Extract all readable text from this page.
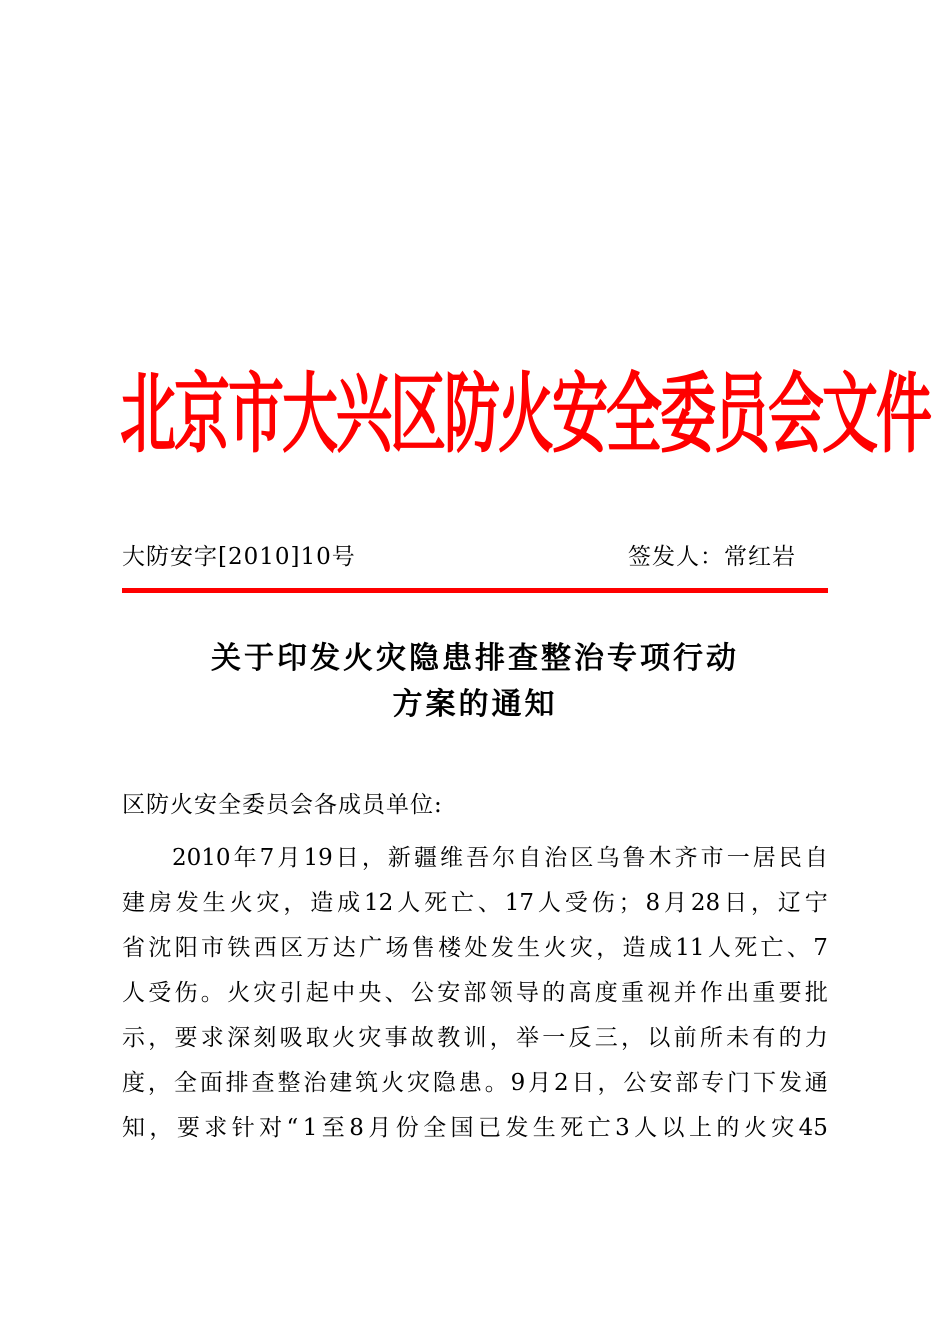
北京市大兴区防火安全委员会文件
大防安字[2010]10号	签发人：常红岩
关于印发火灾隐患排查整治专项行动
方案的通知
区防火安全委员会各成员单位:
2010 年 7 月 19 日 ， 新 疆 维 吾 尔 自 治 区 乌 鲁 木 齐 市 一 居 民 自
建 房 发 生 火 灾 ， 造 成 12 人 死 亡 、 17 人 受 伤 ； 8 月 28 日 ， 辽 宁
省 沈 阳 市 铁 西 区 万 达 广 场 售 楼 处 发 生 火 灾 ， 造 成 11 人 死 亡 、 7
人 受 伤 。 火 灾 引 起 中 央 、 公 安 部 领 导 的 高 度 重 视 并 作 出 重 要 批
示 ， 要 求 深 刻 吸 取 火 灾 事 故 教 训 ， 举 一 反 三 ， 以 前 所 未 有 的 力
度 ， 全 面 排 查 整 治 建 筑 火 灾 隐 患 。 9 月 2 日 ， 公 安 部 专 门 下 发 通
知 ， 要 求 针 对 “ 1 至 8 月 份 全 国 已 发 生 死 亡 3 人 以 上 的 火 灾 45
